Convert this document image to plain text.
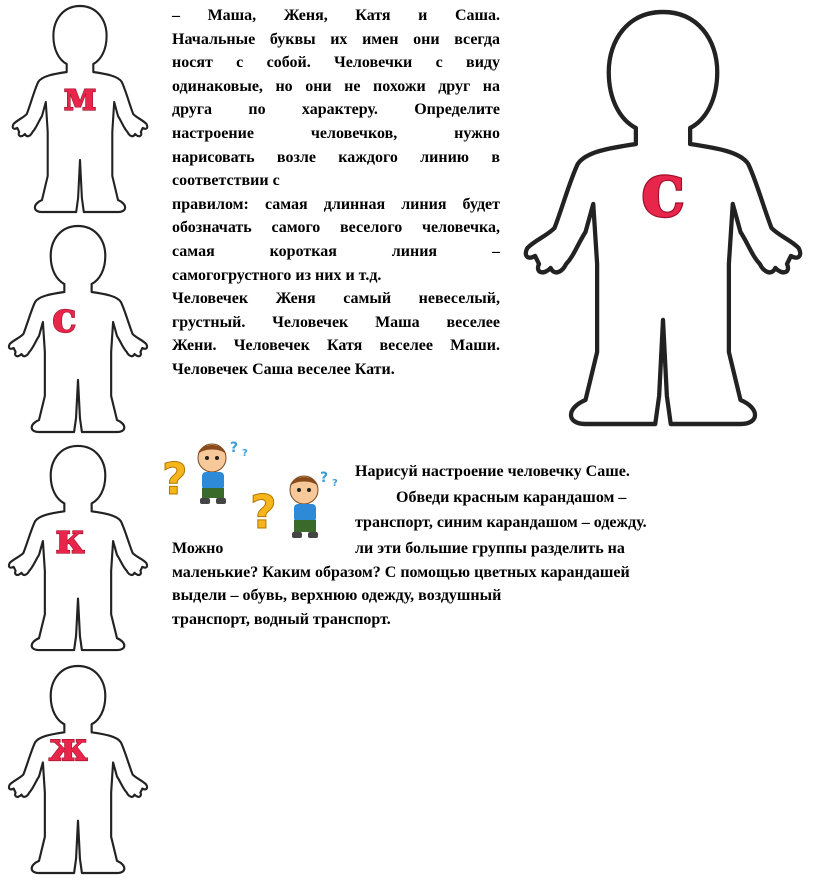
м
с
к
ж
с
– Маша, Женя, Катя и Саша.
Начальные буквы их имен они всегда
носят с собой. Человечки с виду
одинаковые, но они не похожи друг на
друга по характеру. Определите
настроение человечков, нужно
нарисовать возле каждого линию в
соответствии с
правилом: самая длинная линия будет
обозначать самого веселого человечка,
самая короткая линия –
самогогрустного из них и т.д.
Человечек Женя самый невеселый,
грустный. Человечек Маша веселее
Жени. Человечек Катя веселее Маши.
Человечек Саша веселее Кати.
?
? ?
?
? ?

Нарисуй настроение человечку Саше.

Обведи красным карандашом –

транспорт, синим карандашом – одежду.

Можно	ли эти большие группы разделить на

маленькие? Каким образом? С помощью цветных карандашей

выдели – обувь, верхнюю одежду, воздушный

транспорт, водный транспорт.
